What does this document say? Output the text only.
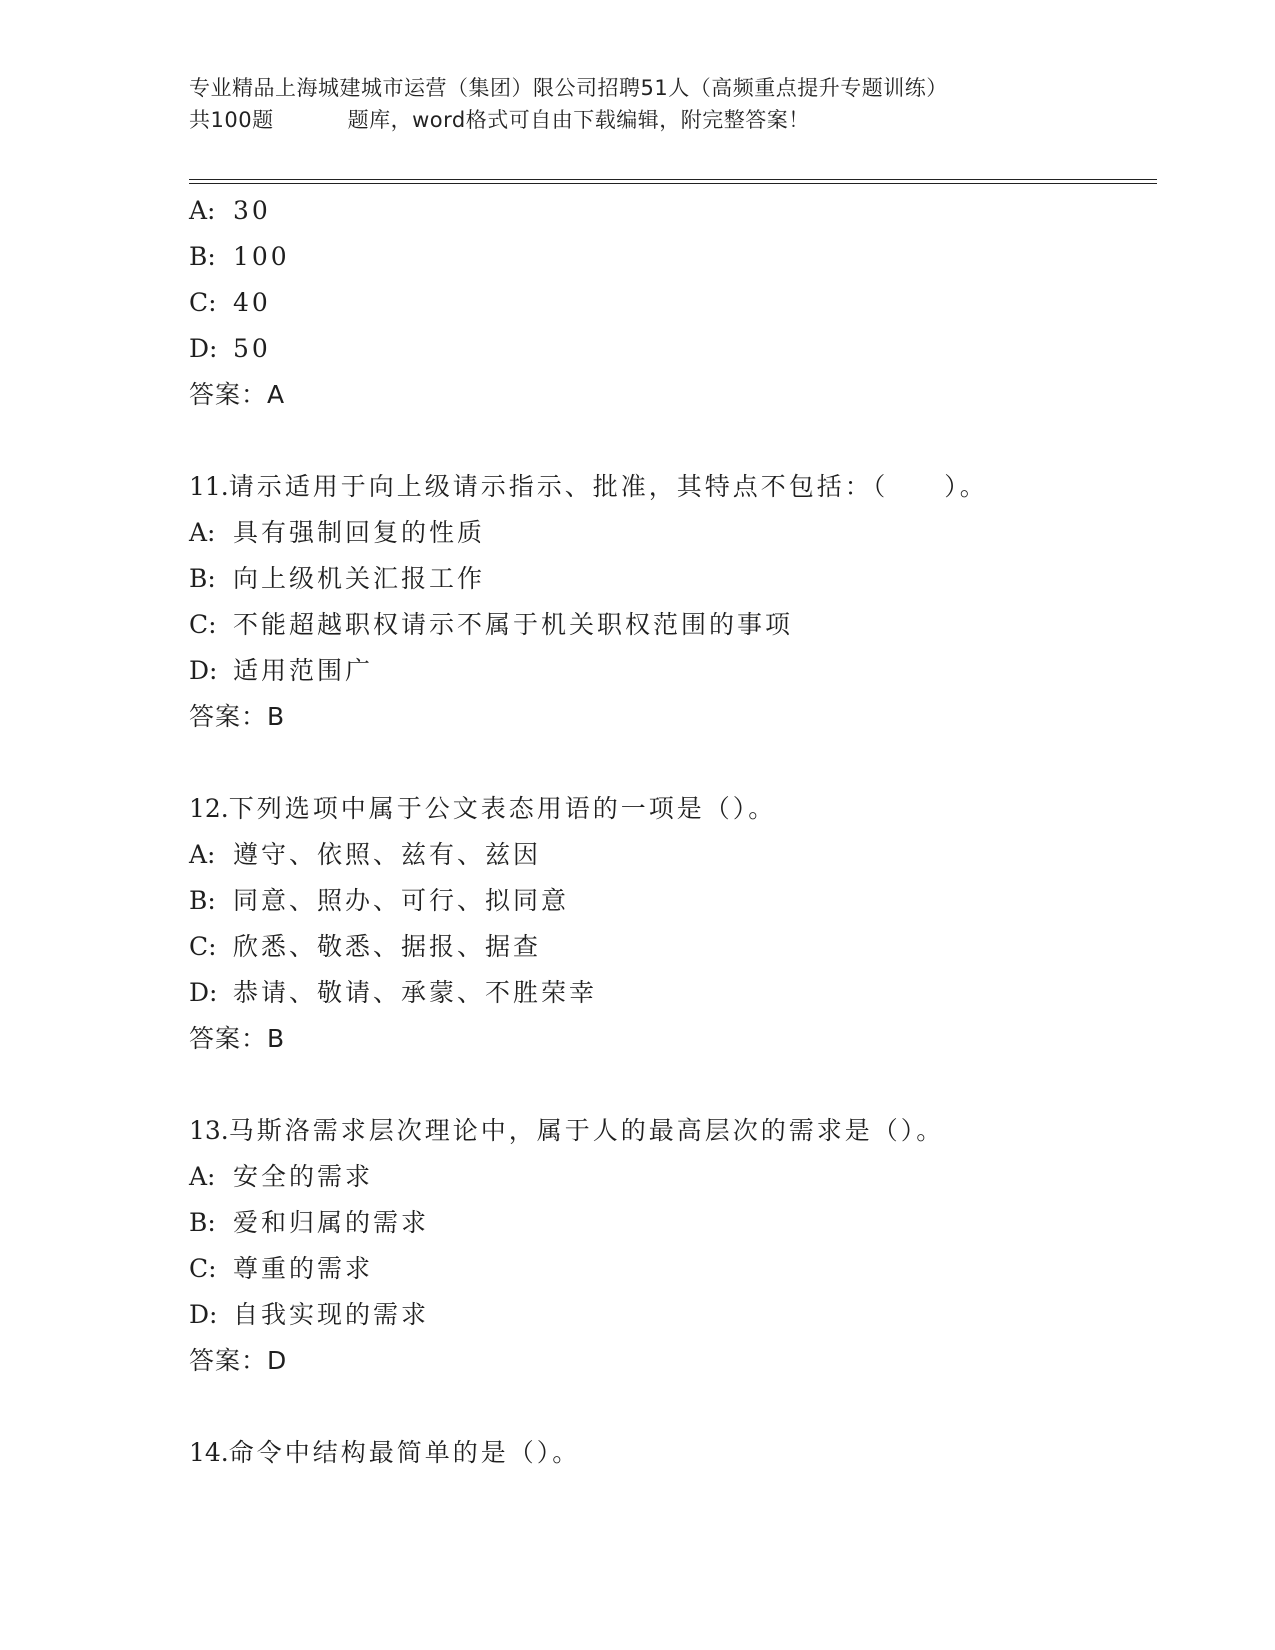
专业精品上海城建城市运营（集团）限公司招聘51人（高频重点提升专题训练）
共100题	题库，word格式可自由下载编辑，附完整答案！
A: 30
B: 100
C: 40
D: 50
答案：A
11.请示适用于向上级请示指示、批准，其特点不包括：（　　）。
A: 具有强制回复的性质
B: 向上级机关汇报工作
C: 不能超越职权请示不属于机关职权范围的事项
D: 适用范围广
答案：B
12.下列选项中属于公文表态用语的一项是（）。
A: 遵守、依照、兹有、兹因
B: 同意、照办、可行、拟同意
C: 欣悉、敬悉、据报、据查
D: 恭请、敬请、承蒙、不胜荣幸
答案：B
13.马斯洛需求层次理论中，属于人的最高层次的需求是（）。
A: 安全的需求
B: 爱和归属的需求
C: 尊重的需求
D: 自我实现的需求
答案：D
14.命令中结构最简单的是（）。
